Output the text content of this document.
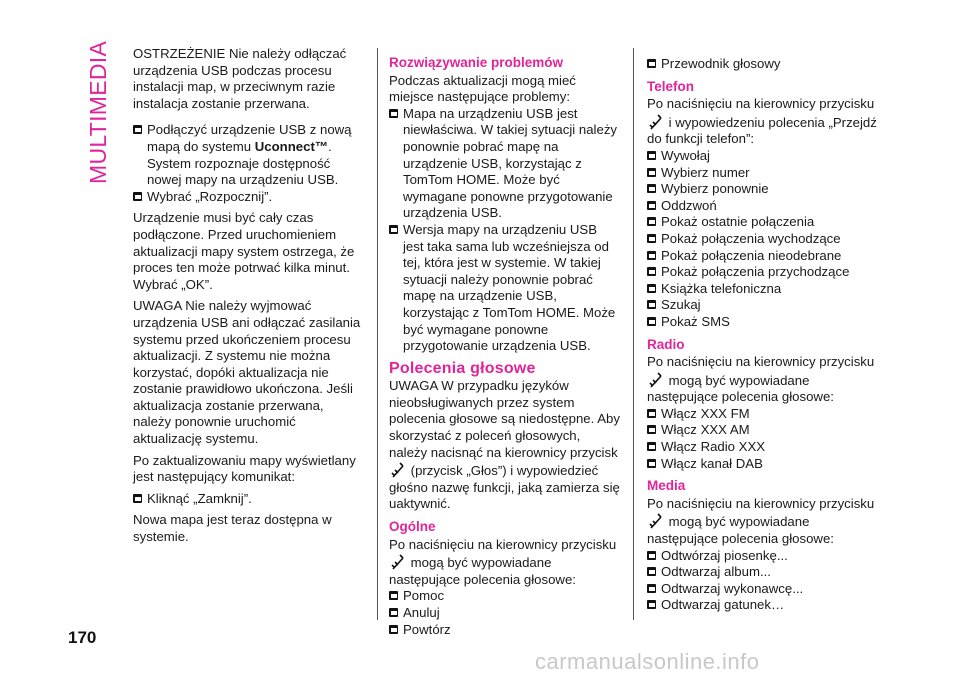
MULTIMEDIA OSTRZEŻENIE Nie należy odłączać urządzenia USB podczas procesu instalacji map, w przeciwnym razie instalacja zostanie przerwana.

Podłączyć urządzenie USB z nową mapą do systemu Uconnect™. System rozpoznaje dostępność nowej mapy na urządzeniu USB.
Wybrać „Rozpocznij”.

Urządzenie musi być cały czas podłączone. Przed uruchomieniem aktualizacji mapy system ostrzega, że proces ten może potrwać kilka minut. Wybrać „OK”.

UWAGA Nie należy wyjmować urządzenia USB ani odłączać zasilania systemu przed ukończeniem procesu aktualizacji. Z systemu nie można korzystać, dopóki aktualizacja nie zostanie prawidłowo ukończona. Jeśli aktualizacja zostanie przerwana, należy ponownie uruchomić aktualizację systemu.

Po zaktualizowaniu mapy wyświetlany jest następujący komunikat:

Kliknąć „Zamknij”.

Nowa mapa jest teraz dostępna w systemie.

Rozwiązywanie problemów

Podczas aktualizacji mogą mieć miejsce następujące problemy:

Mapa na urządzeniu USB jest niewłaściwa. W takiej sytuacji należy ponownie pobrać mapę na urządzenie USB, korzystając z TomTom HOME. Może być wymagane ponowne przygotowanie urządzenia USB.
Wersja mapy na urządzeniu USB jest taka sama lub wcześniejsza od tej, która jest w systemie. W takiej sytuacji należy ponownie pobrać mapę na urządzenie USB, korzystając z TomTom HOME. Może być wymagane ponowne przygotowanie urządzenia USB.
Polecenia głosowe

UWAGA W przypadku języków nieobsługiwanych przez system polecenia głosowe są niedostępne. Aby skorzystać z poleceń głosowych, należy nacisnąć na kierownicy przycisk
(przycisk „Głos”) i wypowiedzieć głośno nazwę funkcji, jaką zamierza się uaktywnić.

Ogólne

Po naciśnięciu na kierownicy przycisku mogą być wypowiadane następujące polecenia głosowe:

Pomoc
Anuluj
Powtórz
Przewodnik głosowy
Telefon

Po naciśnięciu na kierownicy przycisku
i wypowiedzeniu polecenia „Przejdź do funkcji telefon”:

Wywołaj
Wybierz numer
Wybierz ponownie
Oddzwoń
Pokaż ostatnie połączenia
Pokaż połączenia wychodzące
Pokaż połączenia nieodebrane
Pokaż połączenia przychodzące
Książka telefoniczna
Szukaj
Pokaż SMS
Radio

Po naciśnięciu na kierownicy przycisku mogą być wypowiadane następujące polecenia głosowe:

Włącz XXX FM
Włącz XXX AM
Włącz Radio XXX
Włącz kanał DAB
Media

Po naciśnięciu na kierownicy przycisku mogą być wypowiadane następujące polecenia głosowe:

Odtwórzaj piosenkę...
Odtwarzaj album...
Odtwarzaj wykonawcę...
Odtwarzaj gatunek…
170
carmanualsonline.info
